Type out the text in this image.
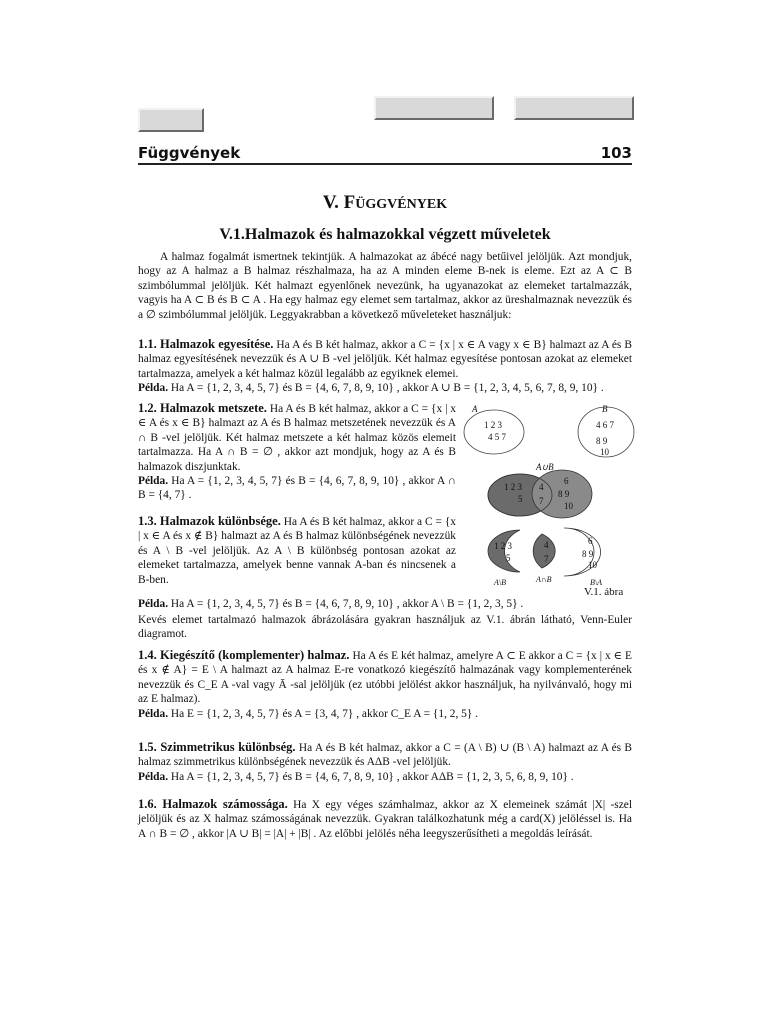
Függvények	103
V. FÜGGVÉNYEK
V.1.Halmazok és halmazokkal végzett műveletek
A halmaz fogalmát ismertnek tekintjük. A halmazokat az ábécé nagy betűivel jelöljük. Azt mondjuk, hogy az A halmaz a B halmaz részhalmaza, ha az A minden eleme B-nek is eleme. Ezt az A ⊂ B szimbólummal jelöljük. Két halmazt egyenlőnek nevezünk, ha ugyanazokat az elemeket tartalmazzák, vagyis ha A ⊂ B és B ⊂ A . Ha egy halmaz egy elemet sem tartalmaz, akkor az üreshalmaznak nevezzük és a ∅ szimbólummal jelöljük. Leggyakrabban a következő műveleteket használjuk:
1.1. Halmazok egyesítése. Ha A és B két halmaz, akkor a C = {x | x ∈ A vagy x ∈ B} halmazt az A és B halmaz egyesítésének nevezzük és A ∪ B -vel jelöljük. Két halmaz egyesítése pontosan azokat az elemeket tartalmazza, amelyek a két halmaz közül legalább az egyiknek elemei.
Példa. Ha A = {1, 2, 3, 4, 5, 7} és B = {4, 6, 7, 8, 9, 10} , akkor A ∪ B = {1, 2, 3, 4, 5, 6, 7, 8, 9, 10} .
1.2. Halmazok metszete. Ha A és B két halmaz, akkor a C = {x | x ∈ A és x ∈ B} halmazt az A és B halmaz metszetének nevezzük és A ∩ B -vel jelöljük. Két halmaz metszete a két halmaz közös elemeit tartalmazza. Ha A ∩ B = ∅ , akkor azt mondjuk, hogy az A és B halmazok diszjunktak.
Példa. Ha A = {1, 2, 3, 4, 5, 7} és B = {4, 6, 7, 8, 9, 10} , akkor A ∩ B = {4, 7} .
1.3. Halmazok különbsége. Ha A és B két halmaz, akkor a C = {x | x ∈ A és x ∉ B} halmazt az A és B halmaz különbségének nevezzük és A \ B -vel jelöljük. Az A \ B különbség pontosan azokat az elemeket tartalmazza, amelyek benne vannak A-ban és nincsenek a B-ben.
Példa. Ha A = {1, 2, 3, 4, 5, 7} és B = {4, 6, 7, 8, 9, 10} , akkor A \ B = {1, 2, 3, 5} .
Kevés elemet tartalmazó halmazok ábrázolására gyakran használjuk az V.1. ábrán látható, Venn-Euler diagramot.
1.4. Kiegészítő (komplementer) halmaz. Ha A és E két halmaz, amelyre A ⊂ E akkor a C = {x | x ∈ E és x ∉ A} = E \ A halmazt az A halmaz E-re vonatkozó kiegészítő halmazának vagy komplementerének nevezzük és C_E A -val vagy Ā -sal jelöljük (ez utóbbi jelölést akkor használjuk, ha nyilvánvaló, hogy mi az E halmaz).
Példa. Ha E = {1, 2, 3, 4, 5, 7} és A = {3, 4, 7} , akkor C_E A = {1, 2, 5} .
1.5. Szimmetrikus különbség. Ha A és B két halmaz, akkor a C = (A \ B) ∪ (B \ A) halmazt az A és B halmaz szimmetrikus különbségének nevezzük és AΔB -vel jelöljük.
Példa. Ha A = {1, 2, 3, 4, 5, 7} és B = {4, 6, 7, 8, 9, 10} , akkor AΔB = {1, 2, 3, 5, 6, 8, 9, 10} .
1.6. Halmazok számossága. Ha X egy véges számhalmaz, akkor az X elemeinek számát |X| -szel jelöljük és az X halmaz számosságának nevezzük. Gyakran találkozhatunk még a card(X) jelöléssel is. Ha A ∩ B = ∅ , akkor |A ∪ B| = |A| + |B| . Az előbbi jelölés néha leegyszerűsítheti a megoldás leírását.
A	B
1 2 3
4 5 7
4 6 7
8 9
10
A∪B
1 2 3
5
4
7
6
8 9
10
1 2 3
5
4
7
6
8 9
10
A\B	A∩B	B\A
V.1. ábra
